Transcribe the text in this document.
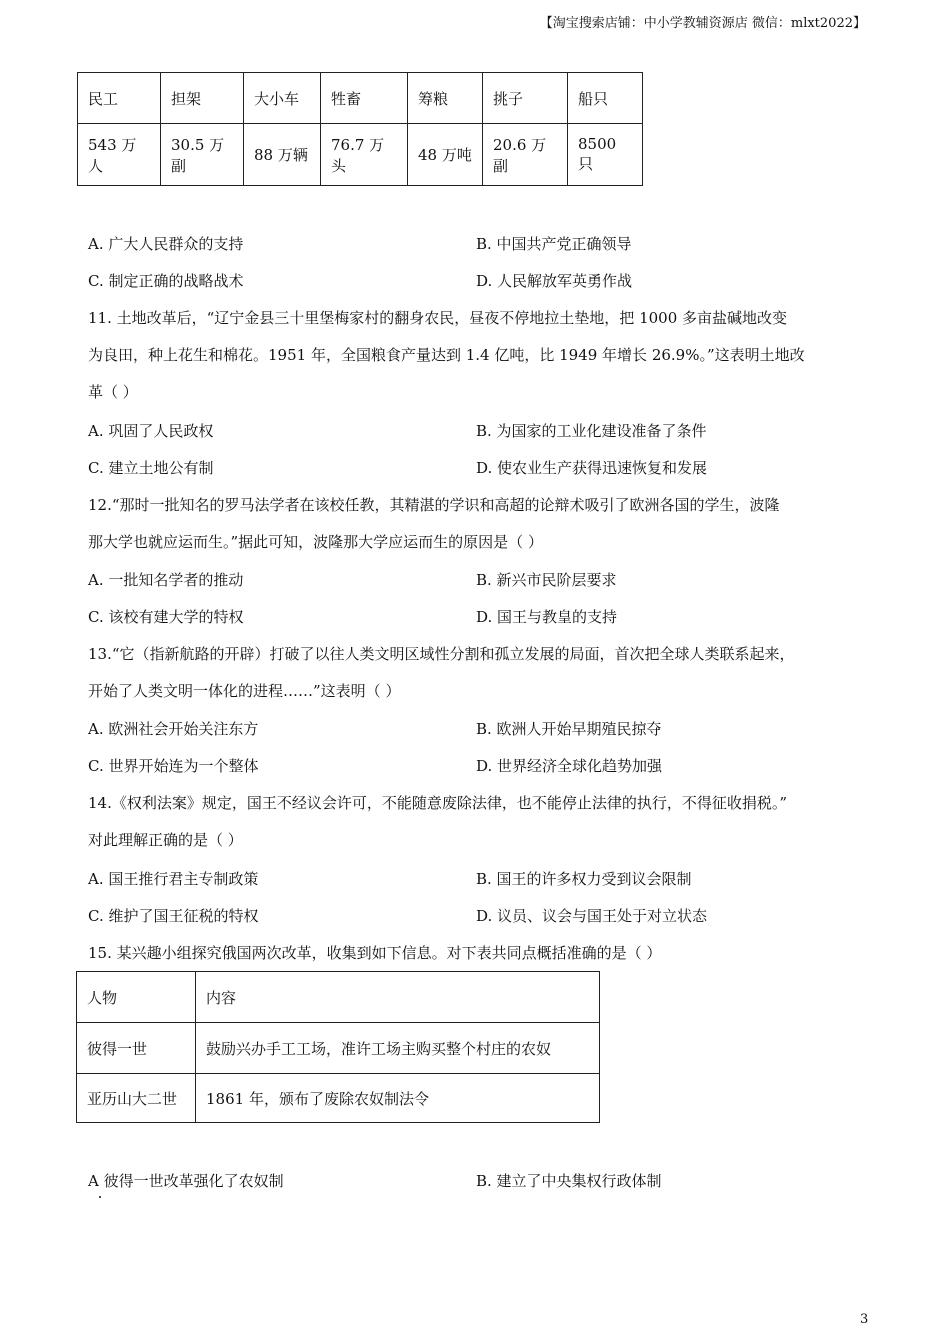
【淘宝搜索店铺：中小学教辅资源店 微信：mlxt2022】
民工	担架	大小车	牲畜	筹粮	挑子	船只
543 万人	30.5 万副	88 万辆	76.7 万头	48 万吨	20.6 万副	8500 只
A. 广大人民群众的支持	B. 中国共产党正确领导
C. 制定正确的战略战术	D. 人民解放军英勇作战
11. 土地改革后，“辽宁金县三十里堡梅家村的翻身农民，昼夜不停地拉土垫地，把 1000 多亩盐碱地改变
为良田，种上花生和棉花。1951 年，全国粮食产量达到 1.4 亿吨，比 1949 年增长 26.9%。”这表明土地改
革（ ）
A. 巩固了人民政权	B. 为国家的工业化建设准备了条件
C. 建立土地公有制	D. 使农业生产获得迅速恢复和发展
12.“那时一批知名的罗马法学者在该校任教，其精湛的学识和高超的论辩术吸引了欧洲各国的学生，波隆
那大学也就应运而生。”据此可知，波隆那大学应运而生的原因是（ ）
A. 一批知名学者的推动	B. 新兴市民阶层要求
C. 该校有建大学的特权	D. 国王与教皇的支持
13.“它（指新航路的开辟）打破了以往人类文明区域性分割和孤立发展的局面，首次把全球人类联系起来，
开始了人类文明一体化的进程……”这表明（ ）
A. 欧洲社会开始关注东方	B. 欧洲人开始早期殖民掠夺
C. 世界开始连为一个整体	D. 世界经济全球化趋势加强
14.《权利法案》规定，国王不经议会许可，不能随意废除法律，也不能停止法律的执行，不得征收捐税。”
对此理解正确的是（ ）
A. 国王推行君主专制政策	B. 国王的许多权力受到议会限制
C. 维护了国王征税的特权	D. 议员、议会与国王处于对立状态
15. 某兴趣小组探究俄国两次改革，收集到如下信息。对下表共同点概括准确的是（ ）
人物	内容
彼得一世	鼓励兴办手工工场，准许工场主购买整个村庄的农奴
亚历山大二世	1861 年，颁布了废除农奴制法令
A 彼得一世改革强化了农奴制	B. 建立了中央集权行政体制
3
